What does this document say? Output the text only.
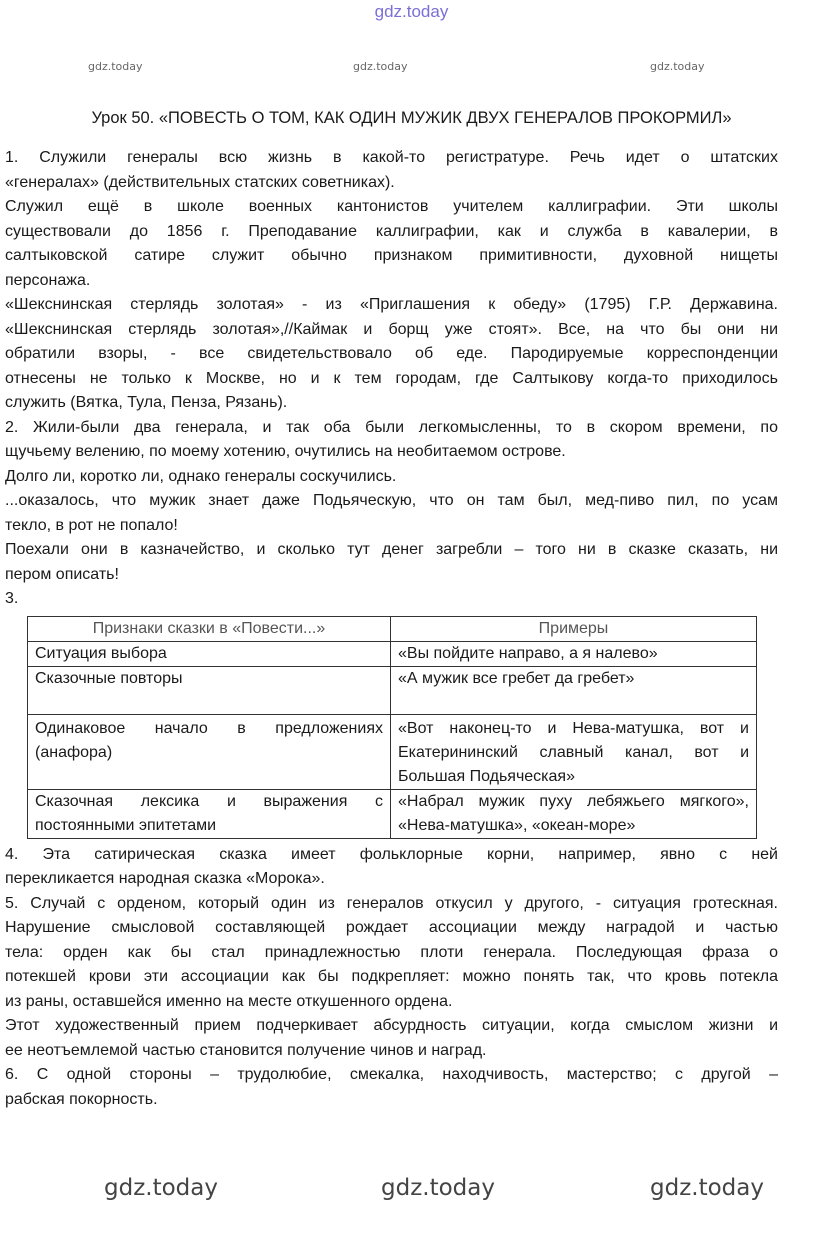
gdz.today
Урок 50. «ПОВЕСТЬ О ТОМ, КАК ОДИН МУЖИК ДВУХ ГЕНЕРАЛОВ ПРОКОРМИЛ»
1. Служили генералы всю жизнь в какой-то регистратуре. Речь идет о штатских
«генералах» (действительных статских советниках).
Служил ещё в школе военных кантонистов учителем каллиграфии. Эти школы
существовали до 1856 г. Преподавание каллиграфии, как и служба в кавалерии, в
салтыковской сатире служит обычно признаком примитивности, духовной нищеты
персонажа.
«Шекснинская стерлядь золотая» - из «Приглашения к обеду» (1795) Г.Р. Державина.
«Шекснинская стерлядь золотая»,//Каймак и борщ уже стоят». Все, на что бы они ни
обратили взоры, - все свидетельствовало об еде. Пародируемые корреспонденции
отнесены не только к Москве, но и к тем городам, где Салтыкову когда-то приходилось
служить (Вятка, Тула, Пенза, Рязань).
2. Жили-были два генерала, и так оба были легкомысленны, то в скором времени, по
щучьему велению, по моему хотению, очутились на необитаемом острове.
Долго ли, коротко ли, однако генералы соскучились.
...оказалось, что мужик знает даже Подьяческую, что он там был, мед-пиво пил, по усам
текло, в рот не попало!
Поехали они в казначейство, и сколько тут денег загребли – того ни в сказке сказать, ни
пером описать!
3.
Признаки сказки в «Повести...»	Примеры
Ситуация выбора	«Вы пойдите направо, а я налево»
Сказочные повторы	«А мужик все гребет да гребет»
Одинаковое начало в предложениях (анафора)	«Вот наконец-то и Нева-матушка, вот и Екатерининский славный канал, вот и Большая Подьяческая»
Сказочная лексика и выражения с постоянными эпитетами	«Набрал мужик пуху лебяжьего мягкого», «Нева-матушка», «океан-море»
4. Эта сатирическая сказка имеет фольклорные корни, например, явно с ней
перекликается народная сказка «Морока».
5. Случай с орденом, который один из генералов откусил у другого, - ситуация гротескная.
Нарушение смысловой составляющей рождает ассоциации между наградой и частью
тела: орден как бы стал принадлежностью плоти генерала. Последующая фраза о
потекшей крови эти ассоциации как бы подкрепляет: можно понять так, что кровь потекла
из раны, оставшейся именно на месте откушенного ордена.
Этот художественный прием подчеркивает абсурдность ситуации, когда смыслом жизни и
ее неотъемлемой частью становится получение чинов и наград.
6. С одной стороны – трудолюбие, смекалка, находчивость, мастерство; с другой –
рабская покорность.
gdz.today	gdz.today	gdz.today
gdz.today	gdz.today	gdz.today
